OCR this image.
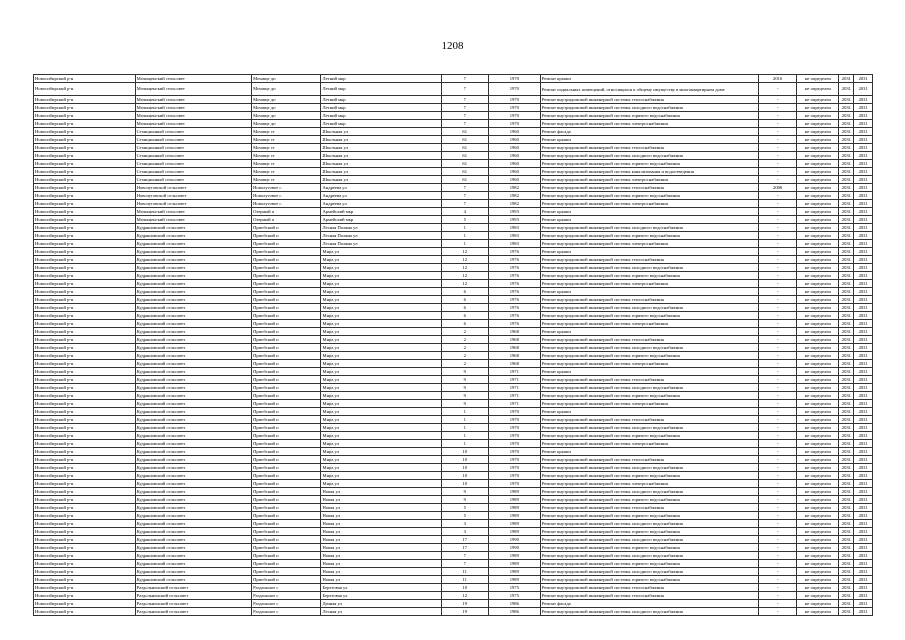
1208
Новосибирский р-н	Мочищенский сельсовет	Мочище дп	Летний мкр	7	1970	Ремонт крыши	2010	не определен	2031	2031
Новосибирский р-н	Мочищенский сельсовет	Мочище дп	Летний мкр	7	1970	Ремонт подвальных помещений, относящихся к общему имуществу в многоквартирном доме	-	не определен	2031	2031
Новосибирский р-н	Мочищенский сельсовет	Мочище дп	Летний мкр	7	1970	Ремонт внутридомовой инженерной системы теплоснабжения	-	не определен	2031	2031
Новосибирский р-н	Мочищенский сельсовет	Мочище дп	Летний мкр	7	1970	Ремонт внутридомовой инженерной системы холодного водоснабжения	-	не определен	2031	2031
Новосибирский р-н	Мочищенский сельсовет	Мочище дп	Летний мкр	7	1970	Ремонт внутридомовой инженерной системы горячего водоснабжения	-	не определен	2031	2031
Новосибирский р-н	Мочищенский сельсовет	Мочище дп	Летний мкр	7	1970	Ремонт внутридомовой инженерной системы электроснабжения	-	не определен	2031	2031
Новосибирский р-н	Станционный сельсовет	Мочище ст	Школьная ул	61	1960	Ремонт фасада	-	не определен	2031	2031
Новосибирский р-н	Станционный сельсовет	Мочище ст	Школьная ул	61	1960	Ремонт крыши	-	не определен	2031	2031
Новосибирский р-н	Станционный сельсовет	Мочище ст	Школьная ул	61	1960	Ремонт внутридомовой инженерной системы теплоснабжения	-	не определен	2031	2031
Новосибирский р-н	Станционный сельсовет	Мочище ст	Школьная ул	61	1960	Ремонт внутридомовой инженерной системы холодного водоснабжения	-	не определен	2031	2031
Новосибирский р-н	Станционный сельсовет	Мочище ст	Школьная ул	61	1960	Ремонт внутридомовой инженерной системы горячего водоснабжения	-	не определен	2031	2031
Новосибирский р-н	Станционный сельсовет	Мочище ст	Школьная ул	61	1960	Ремонт внутридомовой инженерной системы канализования и водоотведения	-	не определен	2031	2031
Новосибирский р-н	Станционный сельсовет	Мочище ст	Школьная ул	61	1960	Ремонт внутридомовой инженерной системы электроснабжения	-	не определен	2031	2031
Новосибирский р-н	Новолуговской сельсовет	Новолуговое с	Андреева ул	7	1982	Ремонт внутридомовой инженерной системы теплоснабжения	2006	не определен	2031	2031
Новосибирский р-н	Новолуговской сельсовет	Новолуговое с	Андреева ул	7	1982	Ремонт внутридомовой инженерной системы горячего водоснабжения	-	не определен	2031	2031
Новосибирский р-н	Новолуговской сельсовет	Новолуговое с	Андреева ул	7	1982	Ремонт внутридомовой инженерной системы электроснабжения	-	не определен	2031	2031
Новосибирский р-н	Мочищенский сельсовет	Озерный п	Армейский мкр	4	1993	Ремонт крыши	-	не определен	2031	2031
Новосибирский р-н	Мочищенский сельсовет	Озерный п	Армейский мкр	5	1993	Ремонт крыши	-	не определен	2031	2031
Новосибирский р-н	Кудряшовский сельсовет	Приобский п	Лесная Поляна ул	1	1983	Ремонт внутридомовой инженерной системы холодного водоснабжения	-	не определен	2031	2031
Новосибирский р-н	Кудряшовский сельсовет	Приобский п	Лесная Поляна ул	1	1983	Ремонт внутридомовой инженерной системы горячего водоснабжения	-	не определен	2031	2031
Новосибирский р-н	Кудряшовский сельсовет	Приобский п	Лесная Поляна ул	1	1983	Ремонт внутридомовой инженерной системы электроснабжения	-	не определен	2031	2031
Новосибирский р-н	Кудряшовский сельсовет	Приобский п	Мира ул	12	1976	Ремонт крыши	-	не определен	2031	2031
Новосибирский р-н	Кудряшовский сельсовет	Приобский п	Мира ул	12	1976	Ремонт внутридомовой инженерной системы теплоснабжения	-	не определен	2031	2031
Новосибирский р-н	Кудряшовский сельсовет	Приобский п	Мира ул	12	1976	Ремонт внутридомовой инженерной системы холодного водоснабжения	-	не определен	2031	2031
Новосибирский р-н	Кудряшовский сельсовет	Приобский п	Мира ул	12	1976	Ремонт внутридомовой инженерной системы горячего водоснабжения	-	не определен	2031	2031
Новосибирский р-н	Кудряшовский сельсовет	Приобский п	Мира ул	12	1976	Ремонт внутридомовой инженерной системы электроснабжения	-	не определен	2031	2031
Новосибирский р-н	Кудряшовский сельсовет	Приобский п	Мира ул	6	1976	Ремонт крыши	-	не определен	2031	2031
Новосибирский р-н	Кудряшовский сельсовет	Приобский п	Мира ул	6	1976	Ремонт внутридомовой инженерной системы теплоснабжения	-	не определен	2031	2031
Новосибирский р-н	Кудряшовский сельсовет	Приобский п	Мира ул	6	1976	Ремонт внутридомовой инженерной системы холодного водоснабжения	-	не определен	2031	2031
Новосибирский р-н	Кудряшовский сельсовет	Приобский п	Мира ул	6	1976	Ремонт внутридомовой инженерной системы горячего водоснабжения	-	не определен	2031	2031
Новосибирский р-н	Кудряшовский сельсовет	Приобский п	Мира ул	6	1976	Ремонт внутридомовой инженерной системы электроснабжения	-	не определен	2031	2031
Новосибирский р-н	Кудряшовский сельсовет	Приобский п	Мира ул	2	1968	Ремонт крыши	-	не определен	2031	2031
Новосибирский р-н	Кудряшовский сельсовет	Приобский п	Мира ул	2	1968	Ремонт внутридомовой инженерной системы теплоснабжения	-	не определен	2031	2031
Новосибирский р-н	Кудряшовский сельсовет	Приобский п	Мира ул	2	1968	Ремонт внутридомовой инженерной системы холодного водоснабжения	-	не определен	2031	2031
Новосибирский р-н	Кудряшовский сельсовет	Приобский п	Мира ул	2	1968	Ремонт внутридомовой инженерной системы горячего водоснабжения	-	не определен	2031	2031
Новосибирский р-н	Кудряшовский сельсовет	Приобский п	Мира ул	2	1968	Ремонт внутридомовой инженерной системы электроснабжения	-	не определен	2031	2031
Новосибирский р-н	Кудряшовский сельсовет	Приобский п	Мира ул	9	1971	Ремонт крыши	-	не определен	2031	2031
Новосибирский р-н	Кудряшовский сельсовет	Приобский п	Мира ул	9	1971	Ремонт внутридомовой инженерной системы теплоснабжения	-	не определен	2031	2031
Новосибирский р-н	Кудряшовский сельсовет	Приобский п	Мира ул	9	1971	Ремонт внутридомовой инженерной системы холодного водоснабжения	-	не определен	2031	2031
Новосибирский р-н	Кудряшовский сельсовет	Приобский п	Мира ул	9	1971	Ремонт внутридомовой инженерной системы горячего водоснабжения	-	не определен	2031	2031
Новосибирский р-н	Кудряшовский сельсовет	Приобский п	Мира ул	9	1971	Ремонт внутридомовой инженерной системы электроснабжения	-	не определен	2031	2031
Новосибирский р-н	Кудряшовский сельсовет	Приобский п	Мира ул	1	1970	Ремонт крыши	-	не определен	2031	2031
Новосибирский р-н	Кудряшовский сельсовет	Приобский п	Мира ул	1	1970	Ремонт внутридомовой инженерной системы теплоснабжения	-	не определен	2031	2031
Новосибирский р-н	Кудряшовский сельсовет	Приобский п	Мира ул	1	1970	Ремонт внутридомовой инженерной системы холодного водоснабжения	-	не определен	2031	2031
Новосибирский р-н	Кудряшовский сельсовет	Приобский п	Мира ул	1	1970	Ремонт внутридомовой инженерной системы горячего водоснабжения	-	не определен	2031	2031
Новосибирский р-н	Кудряшовский сельсовет	Приобский п	Мира ул	1	1970	Ремонт внутридомовой инженерной системы электроснабжения	-	не определен	2031	2031
Новосибирский р-н	Кудряшовский сельсовет	Приобский п	Мира ул	10	1970	Ремонт крыши	-	не определен	2031	2031
Новосибирский р-н	Кудряшовский сельсовет	Приобский п	Мира ул	10	1970	Ремонт внутридомовой инженерной системы теплоснабжения	-	не определен	2031	2031
Новосибирский р-н	Кудряшовский сельсовет	Приобский п	Мира ул	10	1970	Ремонт внутридомовой инженерной системы холодного водоснабжения	-	не определен	2031	2031
Новосибирский р-н	Кудряшовский сельсовет	Приобский п	Мира ул	10	1970	Ремонт внутридомовой инженерной системы горячего водоснабжения	-	не определен	2031	2031
Новосибирский р-н	Кудряшовский сельсовет	Приобский п	Мира ул	10	1970	Ремонт внутридомовой инженерной системы электроснабжения	-	не определен	2031	2031
Новосибирский р-н	Кудряшовский сельсовет	Приобский п	Новая ул	9	1989	Ремонт внутридомовой инженерной системы холодного водоснабжения	-	не определен	2031	2031
Новосибирский р-н	Кудряшовский сельсовет	Приобский п	Новая ул	9	1989	Ремонт внутридомовой инженерной системы горячего водоснабжения	-	не определен	2031	2031
Новосибирский р-н	Кудряшовский сельсовет	Приобский п	Новая ул	5	1989	Ремонт внутридомовой инженерной системы теплоснабжения	-	не определен	2031	2031
Новосибирский р-н	Кудряшовский сельсовет	Приобский п	Новая ул	5	1989	Ремонт внутридомовой инженерной системы горячего водоснабжения	-	не определен	2031	2031
Новосибирский р-н	Кудряшовский сельсовет	Приобский п	Новая ул	3	1989	Ремонт внутридомовой инженерной системы холодного водоснабжения	-	не определен	2031	2031
Новосибирский р-н	Кудряшовский сельсовет	Приобский п	Новая ул	3	1989	Ремонт внутридомовой инженерной системы горячего водоснабжения	-	не определен	2031	2031
Новосибирский р-н	Кудряшовский сельсовет	Приобский п	Новая ул	17	1990	Ремонт внутридомовой инженерной системы холодного водоснабжения	-	не определен	2031	2031
Новосибирский р-н	Кудряшовский сельсовет	Приобский п	Новая ул	17	1990	Ремонт внутридомовой инженерной системы горячего водоснабжения	-	не определен	2031	2031
Новосибирский р-н	Кудряшовский сельсовет	Приобский п	Новая ул	7	1989	Ремонт внутридомовой инженерной системы холодного водоснабжения	-	не определен	2031	2031
Новосибирский р-н	Кудряшовский сельсовет	Приобский п	Новая ул	7	1989	Ремонт внутридомовой инженерной системы горячего водоснабжения	-	не определен	2031	2031
Новосибирский р-н	Кудряшовский сельсовет	Приобский п	Новая ул	11	1989	Ремонт внутридомовой инженерной системы холодного водоснабжения	-	не определен	2031	2031
Новосибирский р-н	Кудряшовский сельсовет	Приобский п	Новая ул	11	1989	Ремонт внутридомовой инженерной системы горячего водоснабжения	-	не определен	2031	2031
Новосибирский р-н	Раздольненский сельсовет	Раздольное с	Березовая ул	10	1975	Ремонт внутридомовой инженерной системы теплоснабжения	-	не определен	2031	2031
Новосибирский р-н	Раздольненский сельсовет	Раздольное с	Березовая ул	12	1975	Ремонт внутридомовой инженерной системы теплоснабжения	-	не определен	2031	2031
Новосибирский р-н	Раздольненский сельсовет	Раздольное с	Дачная ул	19	1986	Ремонт фасада	-	не определен	2031	2031
Новосибирский р-н	Раздольненский сельсовет	Раздольное с	Лесная ул	19	1986	Ремонт внутридомовой инженерной системы холодного водоснабжения	-	не определен	2031	2031
